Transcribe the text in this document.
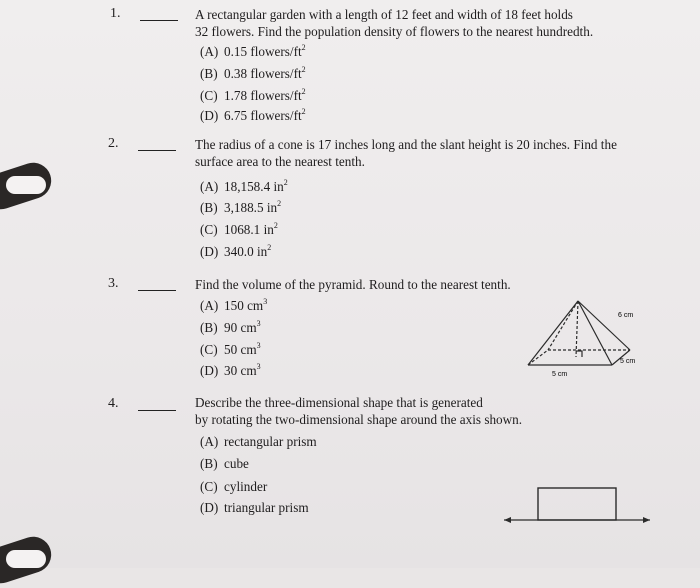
1.	A rectangular garden with a length of 12 feet and width of 18 feet holds
32 flowers. Find the population density of flowers to the nearest hundredth.
(A) 0.15 flowers/$ft^2$
(B) 0.38 flowers/$ft^2$
(C) 1.78 flowers/$ft^2$
(D) 6.75 flowers/$ft^2$
2.	The radius of a cone is 17 inches long and the slant height is 20 inches. Find the
surface area to the nearest tenth.
(A) 18,158.4 $in^2$
(B) 3,188.5 $in^2$
(C) 1068.1 $in^2$
(D) 340.0 $in^2$
3.	Find the volume of the pyramid. Round to the nearest tenth.
(A) 150 $cm^3$
(B) 90 $cm^3$
(C) 50 $cm^3$
(D) 30 $cm^3$
6 cm
5 cm
5 cm
4.	Describe the three-dimensional shape that is generated
by rotating the two-dimensional shape around the axis shown.
(A) rectangular prism
(B) cube
(C) cylinder
(D) triangular prism
